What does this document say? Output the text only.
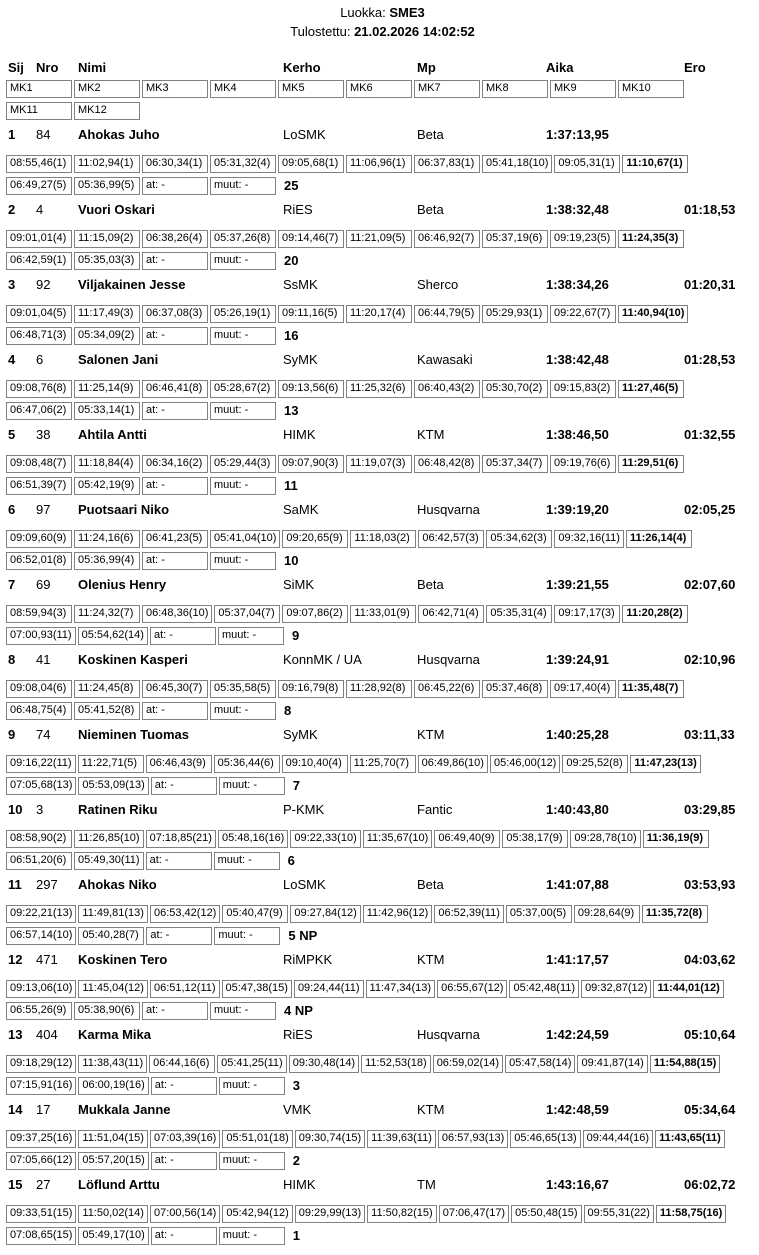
Luokka: SME3
Tulostettu: 21.02.2026 14:02:52
Sij Nro Nimi	Kerho	Mp	Aika	Ero
MK1	MK2	MK3	MK4	MK5	MK6	MK7	MK8	MK9	MK10
MK11	MK12
1 84 Ahokas Juho	LoSMK	Beta	1:37:13,95
08:55,46(1) 11:02,94(1) 06:30,34(1) 05:31,32(4) 09:05,68(1) 11:06,96(1) 06:37,83(1) 05:41,18(10) 09:05,31(1) 11:10,67(1)
06:49,27(5) 05:36,99(5) at: -	muut: -	25
2 4	Vuori Oskari	RiES	Beta	1:38:32,48	01:18,53
09:01,01(4) 11:15,09(2) 06:38,26(4) 05:37,26(8) 09:14,46(7) 11:21,09(5) 06:46,92(7) 05:37,19(6) 09:19,23(5) 11:24,35(3)
06:42,59(1) 05:35,03(3) at: -	muut: -	20
3 92 Viljakainen Jesse	SsMK	Sherco	1:38:34,26	01:20,31
09:01,04(5) 11:17,49(3) 06:37,08(3) 05:26,19(1) 09:11,16(5) 11:20,17(4) 06:44,79(5) 05:29,93(1) 09:22,67(7) 11:40,94(10)
06:48,71(3) 05:34,09(2) at: -	muut: -	16
4 6	Salonen Jani	SyMK	Kawasaki	1:38:42,48	01:28,53
09:08,76(8) 11:25,14(9) 06:46,41(8) 05:28,67(2) 09:13,56(6) 11:25,32(6) 06:40,43(2) 05:30,70(2) 09:15,83(2) 11:27,46(5)
06:47,06(2) 05:33,14(1) at: -	muut: -	13
5 38 Ahtila Antti	HIMK	KTM	1:38:46,50	01:32,55
09:08,48(7) 11:18,84(4) 06:34,16(2) 05:29,44(3) 09:07,90(3) 11:19,07(3) 06:48,42(8) 05:37,34(7) 09:19,76(6) 11:29,51(6)
06:51,39(7) 05:42,19(9) at: -	muut: -	11
6 97 Puotsaari Niko	SaMK	Husqvarna	1:39:19,20	02:05,25
09:09,60(9) 11:24,16(6) 06:41,23(5) 05:41,04(10) 09:20,65(9) 11:18,03(2) 06:42,57(3) 05:34,62(3) 09:32,16(11) 11:26,14(4)
06:52,01(8) 05:36,99(4) at: -	muut: -	10
7 69 Olenius Henry	SiMK	Beta	1:39:21,55	02:07,60
08:59,94(3) 11:24,32(7) 06:48,36(10) 05:37,04(7) 09:07,86(2) 11:33,01(9) 06:42,71(4) 05:35,31(4) 09:17,17(3) 11:20,28(2)
07:00,93(11) 05:54,62(14) at: -	muut: -	9
8 41 Koskinen Kasperi	KonnMK / UA	Husqvarna	1:39:24,91	02:10,96
09:08,04(6) 11:24,45(8) 06:45,30(7) 05:35,58(5) 09:16,79(8) 11:28,92(8) 06:45,22(6) 05:37,46(8) 09:17,40(4) 11:35,48(7)
06:48,75(4) 05:41,52(8) at: -	muut: -	8
9 74 Nieminen Tuomas	SyMK	KTM	1:40:25,28	03:11,33
09:16,22(11) 11:22,71(5) 06:46,43(9) 05:36,44(6) 09:10,40(4) 11:25,70(7) 06:49,86(10) 05:46,00(12) 09:25,52(8) 11:47,23(13)
07:05,68(13) 05:53,09(13) at: -	muut: -	7
10 3	Ratinen Riku	P-KMK	Fantic	1:40:43,80	03:29,85
08:58,90(2) 11:26,85(10) 07:18,85(21) 05:48,16(16) 09:22,33(10) 11:35,67(10) 06:49,40(9) 05:38,17(9) 09:28,78(10) 11:36,19(9)
06:51,20(6) 05:49,30(11) at: -	muut: -	6
11 297 Ahokas Niko	LoSMK	Beta	1:41:07,88	03:53,93
09:22,21(13) 11:49,81(13) 06:53,42(12) 05:40,47(9) 09:27,84(12) 11:42,96(12) 06:52,39(11) 05:37,00(5) 09:28,64(9) 11:35,72(8)
06:57,14(10) 05:40,28(7) at: -	muut: -	5 NP
12 471 Koskinen Tero	RiMPKK	KTM	1:41:17,57	04:03,62
09:13,06(10) 11:45,04(12) 06:51,12(11) 05:47,38(15) 09:24,44(11) 11:47,34(13) 06:55,67(12) 05:42,48(11) 09:32,87(12) 11:44,01(12)
06:55,26(9) 05:38,90(6) at: -	muut: -	4 NP
13 404 Karma Mika	RiES	Husqvarna	1:42:24,59	05:10,64
09:18,29(12) 11:38,43(11) 06:44,16(6) 05:41,25(11) 09:30,48(14) 11:52,53(18) 06:59,02(14) 05:47,58(14) 09:41,87(14) 11:54,88(15)
07:15,91(16) 06:00,19(16) at: -	muut: -	3
14 17 Mukkala Janne	VMK	KTM	1:42:48,59	05:34,64
09:37,25(16) 11:51,04(15) 07:03,39(16) 05:51,01(18) 09:30,74(15) 11:39,63(11) 06:57,93(13) 05:46,65(13) 09:44,44(16) 11:43,65(11)
07:05,66(12) 05:57,20(15) at: -	muut: -	2
15 27 Löflund Arttu	HIMK	TM	1:43:16,67	06:02,72
09:33,51(15) 11:50,02(14) 07:00,56(14) 05:42,94(12) 09:29,99(13) 11:50,82(15) 07:06,47(17) 05:50,48(15) 09:55,31(22) 11:58,75(16)
07:08,65(15) 05:49,17(10) at: -	muut: -	1
